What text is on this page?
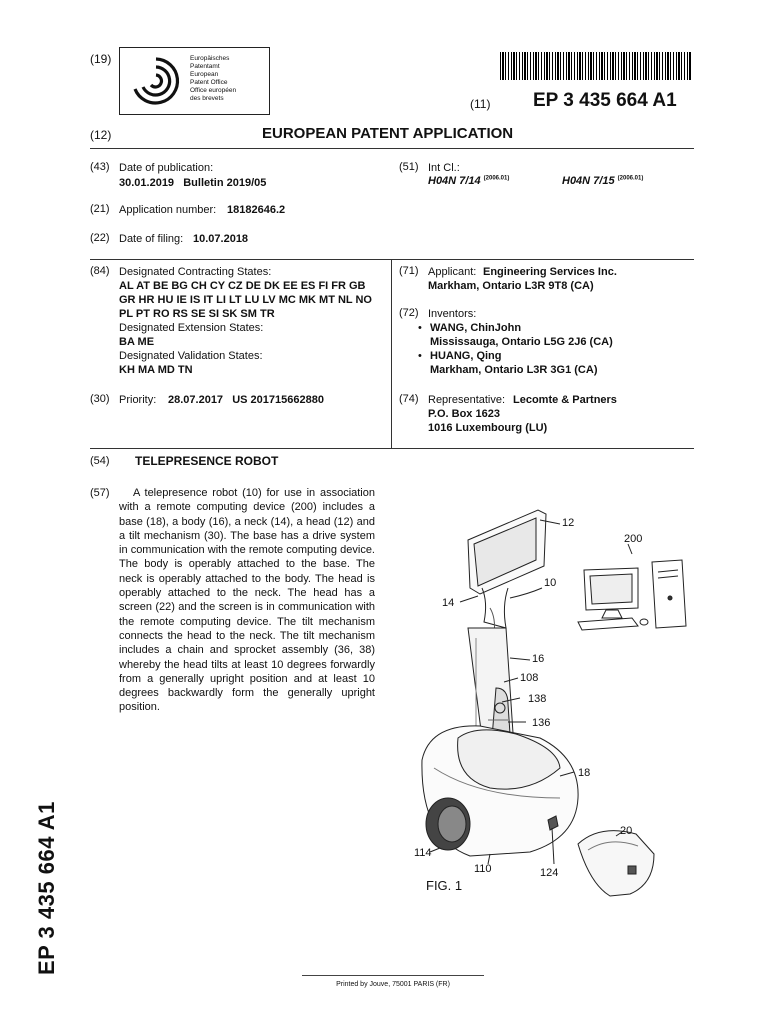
(19)	Europäisches
Patentamt
European
Patent Office
Office européen
des brevets	(11) EP 3 435 664 A1
(12)	EUROPEAN PATENT APPLICATION
(43) Date of publication:
30.01.2019   Bulletin 2019/05
(21) Application number: 18182646.2
(22) Date of filing: 10.07.2018
(51) Int Cl.:
H04N 7/14 $^{(2006.01)}$	H04N 7/15 $^{(2006.01)}$
(84) Designated Contracting States:
AL AT BE BG CH CY CZ DE DK EE ES FI FR GB
GR HR HU IE IS IT LI LT LU LV MC MK MT NL NO
PL PT RO RS SE SI SK SM TR
Designated Extension States:
BA ME
Designated Validation States:
KH MA MD TN
(30) Priority: 28.07.2017   US 201715662880
(71) Applicant: Engineering Services Inc.
Markham, Ontario L3R 9T8 (CA)
(72) Inventors:
• WANG, ChinJohn
Mississauga, Ontario L5G 2J6 (CA)
• HUANG, Qing
Markham, Ontario L3R 3G1 (CA)
(74) Representative: Lecomte & Partners
P.O. Box 1623
1016 Luxembourg (LU)
(54) TELEPRESENCE ROBOT
(57)	A telepresence robot (10) for use in association with a remote computing device (200) includes a base (18), a body (16), a neck (14), a head (12) and a tilt mechanism (30). The base has a drive system in communication with the remote computing device. The body is operably attached to the base. The neck is operably attached to the body. The head is operably attached to the neck. The head has a screen (22) and the screen is in communication with the remote computing device. The tilt mechanism connects the head to the neck. The tilt mechanism includes a chain and sprocket assembly (36, 38) whereby the head tilts at least 10 degrees forwardly from a generally upright position and at least 10 degrees backwardly form the generally upright position.
12
200
10
14
16
108
138
136
18
20
114
110	124
FIG. 1
EP 3 435 664 A1
Printed by Jouve, 75001 PARIS (FR)
